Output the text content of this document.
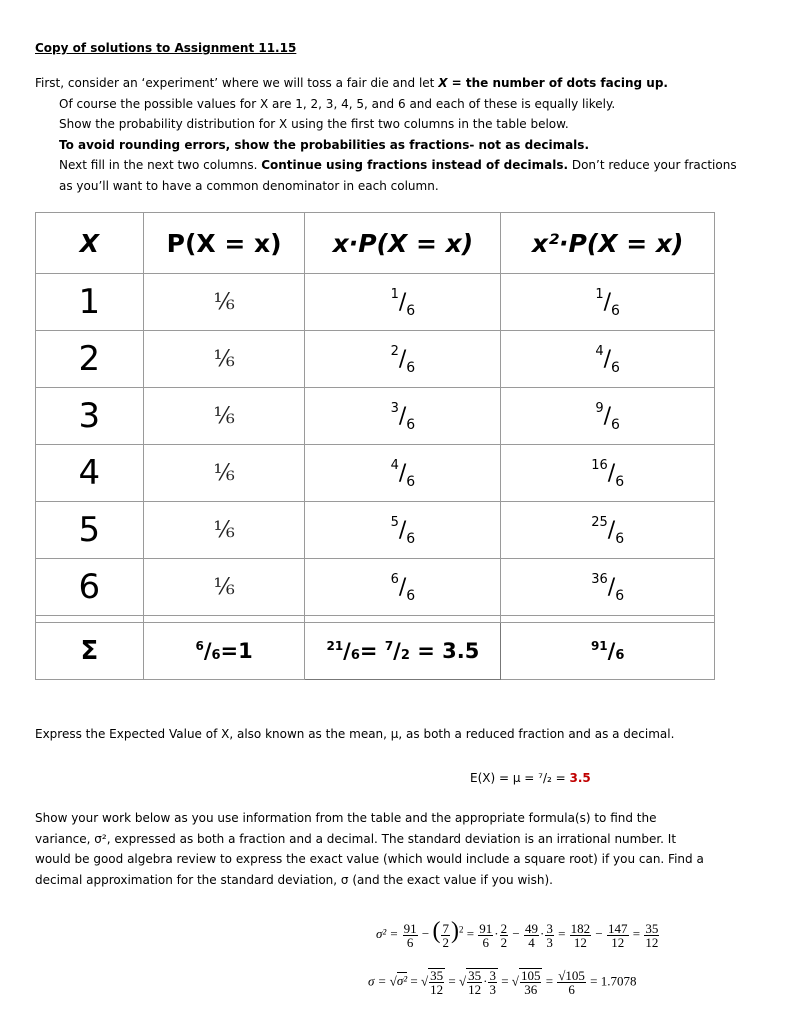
Copy of solutions to Assignment 11.15
First, consider an ‘experiment’ where we will toss a fair die and let X = the number of dots facing up.
Of course the possible values for X are 1, 2, 3, 4, 5, and 6 and each of these is equally likely.
Show the probability distribution for X using the first two columns in the table below.
To avoid rounding errors, show the probabilities as fractions- not as decimals.
Next fill in the next two columns. Continue using fractions instead of decimals. Don’t reduce your fractions
as you’ll want to have a common denominator in each column.
X	P(X = x)	x·P(X = x)	x²·P(X = x)
1	⅙	$^1/_6$	$^1/_6$
2	⅙	$^2/_6$	$^4/_6$
3	⅙	$^3/_6$	$^9/_6$
4	⅙	$^4/_6$	$^{16}/_6$
5	⅙	$^5/_6$	$^{25}/_6$
6	⅙	$^6/_6$	$^{36}/_6$

Σ	$^6$/6=1	$^{21}$/6= $^7$/2 = 3.5	$^{91}$/6
Express the Expected Value of X, also known as the mean, μ, as both a reduced fraction and as a decimal.
E(X) = μ = ⁷/₂ = 3.5
Show your work below as you use information from the table and the appropriate formula(s) to find the
variance, σ², expressed as both a fraction and a decimal. The standard deviation is an irrational number. It
would be good algebra review to express the exact value (which would include a square root) if you can. Find a
decimal approximation for the standard deviation, σ (and the exact value if you wish).
$\sigma^2 = \frac{91}{6}$ − ( $\frac{7}{2} )^2 = \frac{91}{6} \cdot \frac{2}{2} - \frac{49}{4} \cdot \frac{3}{3} = \frac{182}{12} - \frac{147}{12} = \frac{35}{12}$
σ = √σ² = √ $\frac{35}{12}$ = √ $\frac{35}{12} \cdot \frac{3}{3}$ = √ $\frac{105}{36} = \frac{√105}{6} = 1.7078$
